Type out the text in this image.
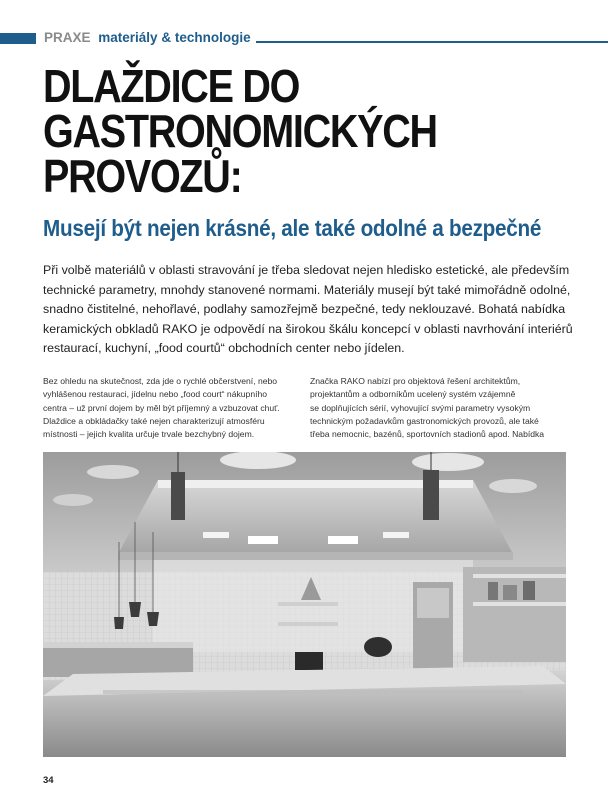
PRAXE materiály & technologie
DLAŽDICE DO
GASTRONOMICKÝCH
PROVOZŮ:
Musejí být nejen krásné, ale také odolné a bezpečné
Při volbě materiálů v oblasti stravování je třeba sledovat nejen hledisko estetické, ale především
technické parametry, mnohdy stanovené normami. Materiály musejí být také mimořádně odolné,
snadno čistitelné, nehořlavé, podlahy samozřejmě bezpečné, tedy neklouzavé. Bohatá nabídka
keramických obkladů RAKO je odpovědí na širokou škálu koncepcí v oblasti navrhování interiérů
restaurací, kuchyní, „food courtů“ obchodních center nebo jídelen.
Bez ohledu na skutečnost, zda jde o rychlé občerstvení, nebo
vyhlášenou restauraci, jídelnu nebo „food court“ nákupního
centra – už první dojem by měl být příjemný a vzbuzovat chuť.
Dlaždice a obkládačky také nejen charakterizují atmosféru
místnosti – jejich kvalita určuje trvale bezchybný dojem.
Značka RAKO nabízí pro objektová řešení architektům,
projektantům a odborníkům ucelený systém vzájemně
se doplňujících sérií, vyhovující svými parametry vysokým
technickým požadavkům gastronomických provozů, ale také
třeba nemocnic, bazénů, sportovních stadionů apod. Nabídka
34
